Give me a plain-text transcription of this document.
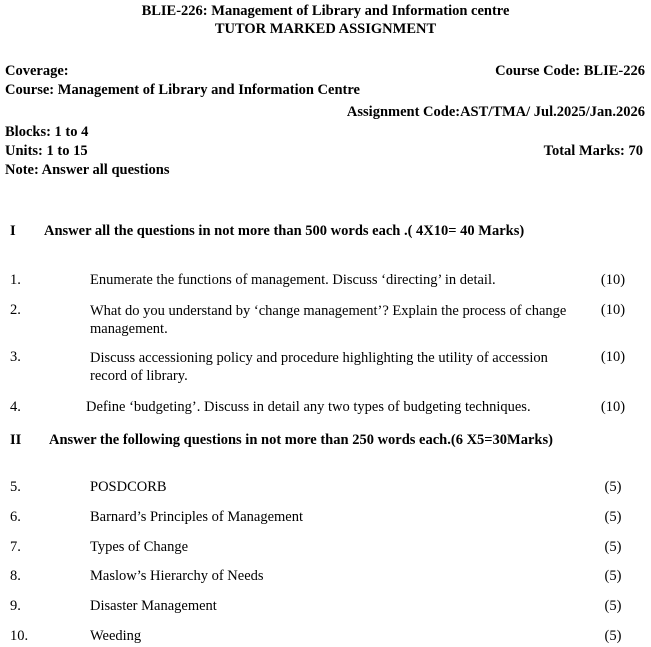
BLIE-226: Management of Library and Information centre
TUTOR MARKED ASSIGNMENT
Coverage:	Course Code: BLIE-226
Course: Management of Library and Information Centre
Assignment Code:AST/TMA/ Jul.2025/Jan.2026
Blocks: 1 to 4
Units: 1 to 15	Total Marks: 70
Note: Answer all questions
I Answer all the questions in not more than 500 words each .( 4X10= 40 Marks)
1.	Enumerate the functions of management. Discuss ‘directing’ in detail.	(10)
2.	What do you understand by ‘change management’? Explain the process of change management.
(10)
3.	Discuss accessioning policy and procedure highlighting the utility of accession record of library.
(10)
4.	Define ‘budgeting’. Discuss in detail any two types of budgeting techniques.	(10)
II Answer the following questions in not more than 250 words each.(6 X5=30Marks)
5.	POSDCORB	(5)
6.	Barnard’s Principles of Management	(5)
7.	Types of Change	(5)
8.	Maslow’s Hierarchy of Needs	(5)
9.	Disaster Management	(5)
10.	Weeding	(5)
